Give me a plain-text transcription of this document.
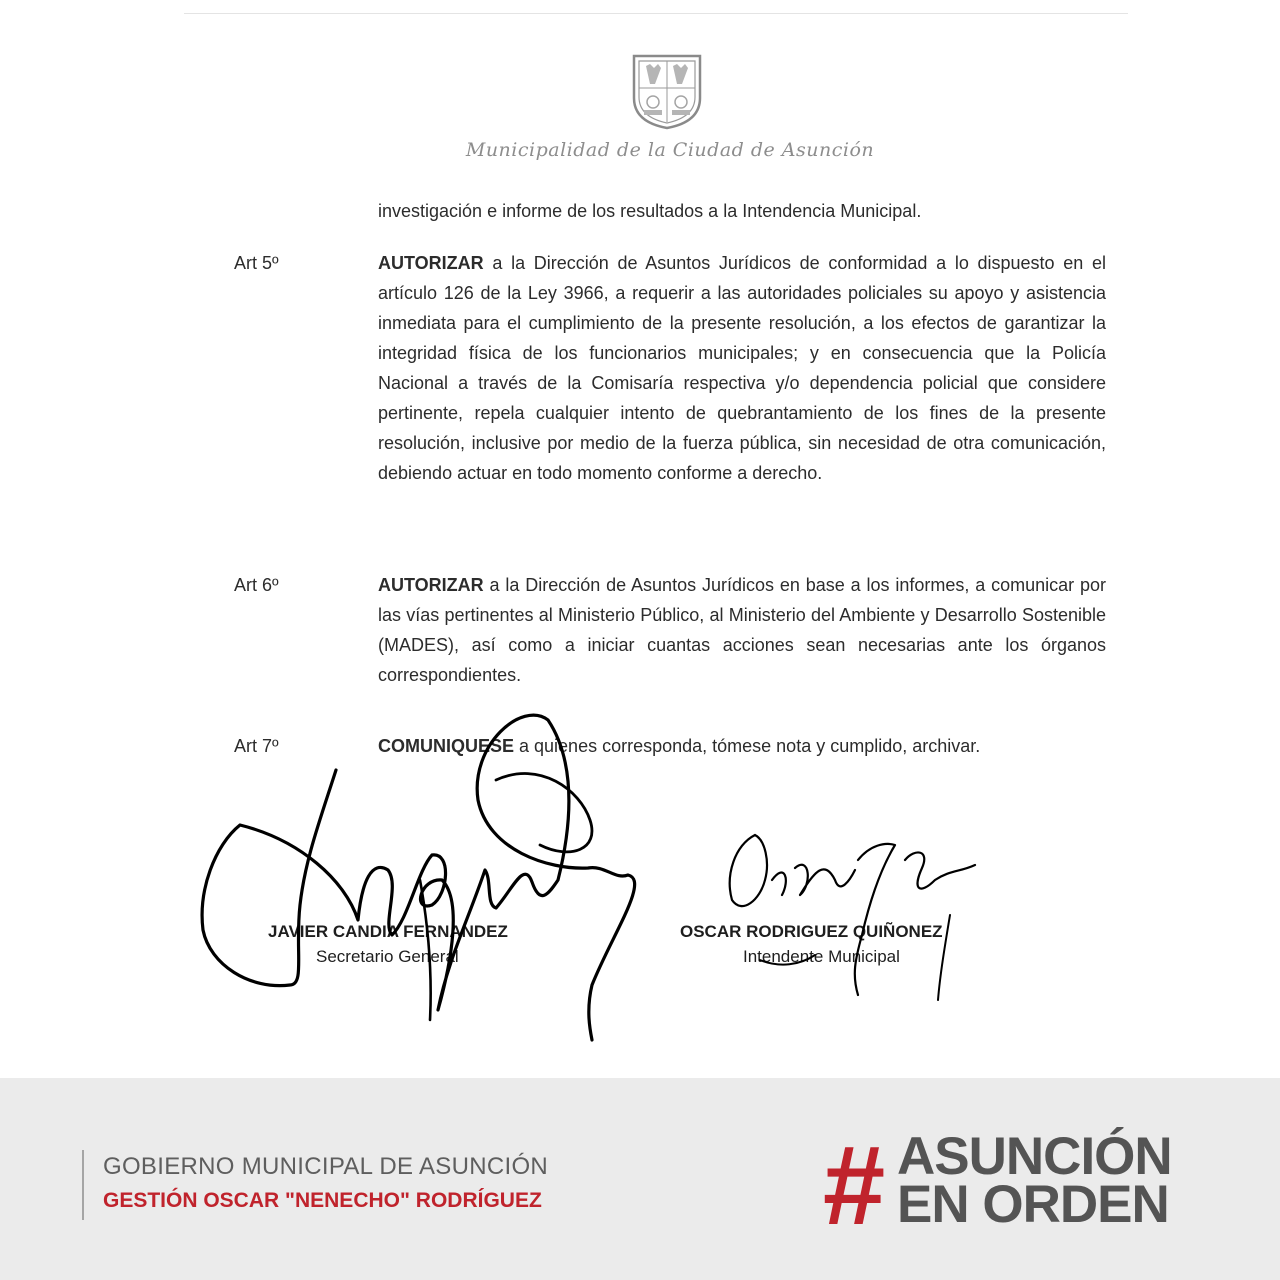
Municipalidad de la Ciudad de Asunción
investigación e informe de los resultados a la Intendencia Municipal.
Art 5º	AUTORIZAR a la Dirección de Asuntos Jurídicos de conformidad a lo dispuesto en el artículo 126 de la Ley 3966, a requerir a las autoridades policiales su apoyo y asistencia inmediata para el cumplimiento de la presente resolución, a los efectos de garantizar la integridad física de los funcionarios municipales; y en consecuencia que la Policía Nacional a través de la Comisaría respectiva y/o dependencia policial que considere pertinente, repela cualquier intento de quebrantamiento de los fines de la presente resolución, inclusive por medio de la fuerza pública, sin necesidad de otra comunicación, debiendo actuar en todo momento conforme a derecho.
Art 6º	AUTORIZAR a la Dirección de Asuntos Jurídicos en base a los informes, a comunicar por las vías pertinentes al Ministerio Público, al Ministerio del Ambiente y Desarrollo Sostenible (MADES), así como a iniciar cuantas acciones sean necesarias ante los órganos correspondientes.
Art 7º	COMUNIQUESE a quienes corresponda, tómese nota y cumplido, archivar.
JAVIER CANDIA FERNANDEZ
Secretario General
OSCAR RODRIGUEZ QUIÑONEZ
Intendente Municipal
GOBIERNO MUNICIPAL DE ASUNCIÓN
GESTIÓN OSCAR "NENECHO" RODRÍGUEZ	# ASUNCIÓN
EN ORDEN
